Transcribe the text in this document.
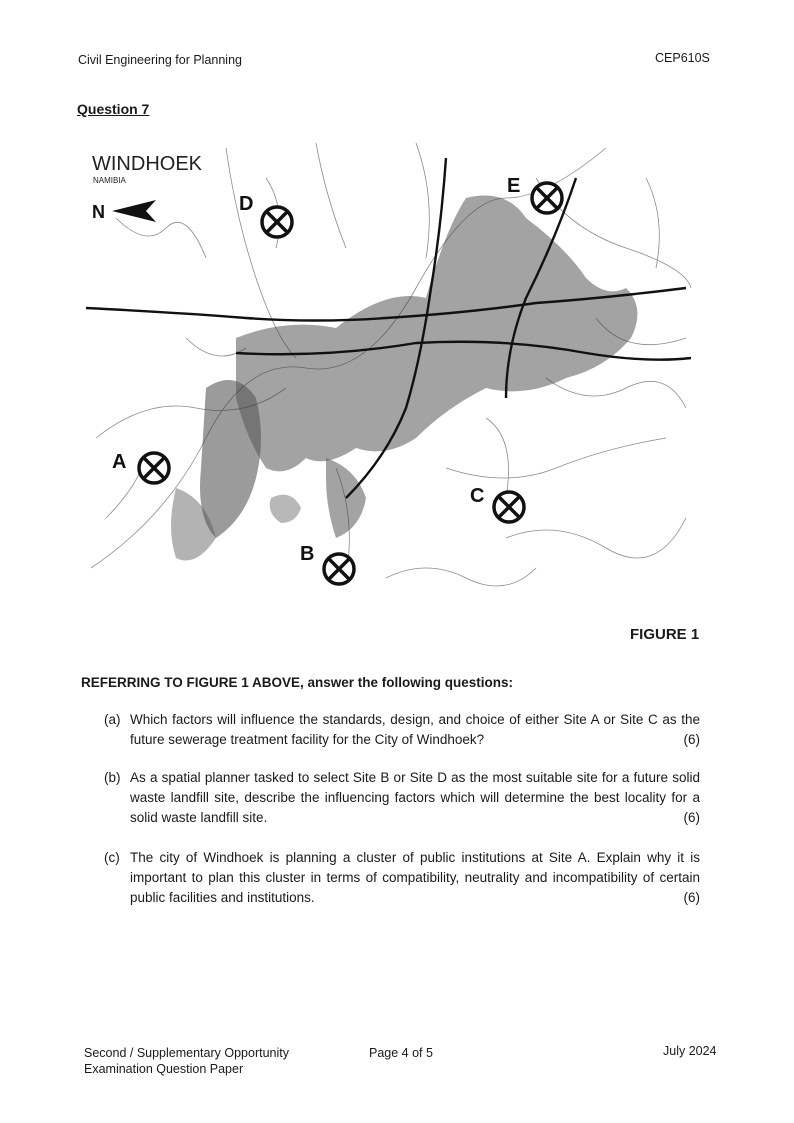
Civil Engineering for Planning	CEP610S
Question 7
WINDHOEK
NAMIBIA
N	D
E
A
C
B
FIGURE 1
REFERRING TO FIGURE 1 ABOVE, answer the following questions:
(a) Which factors will influence the standards, design, and choice of either Site A or Site C as the future sewerage treatment facility for the City of Windhoek?	(6)
(b) As a spatial planner tasked to select Site B or Site D as the most suitable site for a future solid waste landfill site, describe the influencing factors which will determine the best locality for a solid waste landfill site.	(6)
(c) The city of Windhoek is planning a cluster of public institutions at Site A. Explain why it is important to plan this cluster in terms of compatibility, neutrality and incompatibility of certain public facilities and institutions.	(6)
Second / Supplementary Opportunity
Examination Question Paper
Page 4 of 5	July 2024
